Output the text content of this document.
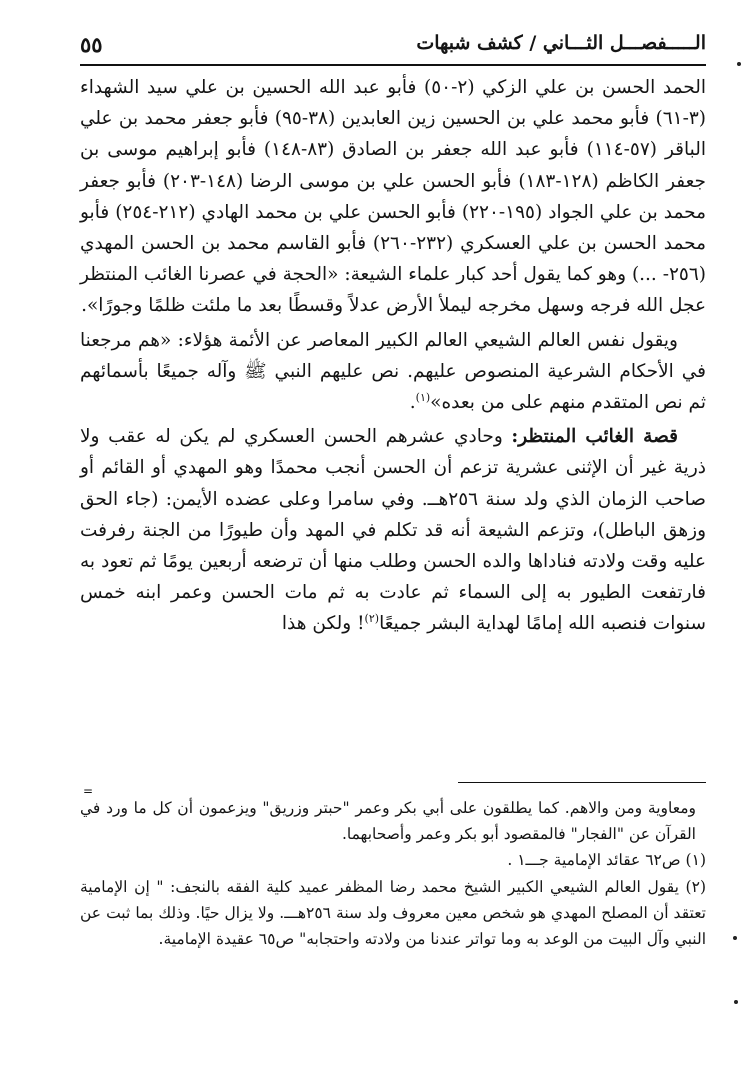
الـــــفصـــل الثـــاني / كشف شبهات
٥٥

الحمد الحسن بن علي الزكي (٢-٥٠) فأبو عبد الله الحسين بن علي سيد الشهداء (٣-٦١) فأبو محمد علي بن الحسين زين العابدين (٣٨-٩٥) فأبو جعفر محمد بن علي الباقر (٥٧-١١٤) فأبو عبد الله جعفر بن الصادق (٨٣-١٤٨) فأبو إبراهيم موسى بن جعفر الكاظم (١٢٨-١٨٣) فأبو الحسن علي بن موسى الرضا (١٤٨-٢٠٣) فأبو جعفر محمد بن علي الجواد (١٩٥-٢٢٠) فأبو الحسن علي بن محمد الهادي (٢١٢-٢٥٤) فأبو محمد الحسن بن علي العسكري (٢٣٢-٢٦٠) فأبو القاسم محمد بن الحسن المهدي (٢٥٦- ...) وهو كما يقول أحد كبار علماء الشيعة: «الحجة في عصرنا الغائب المنتظر عجل الله فرجه وسهل مخرجه ليملأ الأرض عدلاً وقسطًا بعد ما ملئت ظلمًا وجورًا».

ويقول نفس العالم الشيعي العالم الكبير المعاصر عن الأئمة هؤلاء: «هم مرجعنا في الأحكام الشرعية المنصوص عليهم. نص عليهم النبي ﷺ وآله جميعًا بأسمائهم ثم نص المتقدم منهم على من بعده»$^{(١)}$.

قصة الغائب المنتظر: وحادي عشرهم الحسن العسكري لم يكن له عقب ولا ذرية غير أن الإثنى عشرية تزعم أن الحسن أنجب محمدًا وهو المهدي أو القائم أو صاحب الزمان الذي ولد سنة ٢٥٦هــ. وفي سامرا وعلى عضده الأيمن: (جاء الحق وزهق الباطل)، وتزعم الشيعة أنه قد تكلم في المهد وأن طيورًا من الجنة رفرفت عليه وقت ولادته فناداها والده الحسن وطلب منها أن ترضعه أربعين يومًا ثم تعود به فارتفعت الطيور به إلى السماء ثم عادت به ثم مات الحسن وعمر ابنه خمس سنوات فنصبه الله إمامًا لهداية البشر جميعًا$^{(٢)}$! ولكن هذا

=

ومعاوية ومن والاهم. كما يطلقون على أبي بكر وعمر "حبتر وزريق" ويزعمون أن كل ما ورد في القرآن عن "الفجار" فالمقصود أبو بكر وعمر وأصحابهما.

(١) ص٦٢ عقائد الإمامية جـــ١ .

(٢) يقول العالم الشيعي الكبير الشيخ محمد رضا المظفر عميد كلية الفقه بالنجف: " إن الإمامية تعتقد أن المصلح المهدي هو شخص معين معروف ولد سنة ٢٥٦هـــ. ولا يزال حيًا. وذلك بما ثبت عن النبي وآل البيت من الوعد به وما تواتر عندنا من ولادته واحتجابه" ص٦٥ عقيدة الإمامية.
